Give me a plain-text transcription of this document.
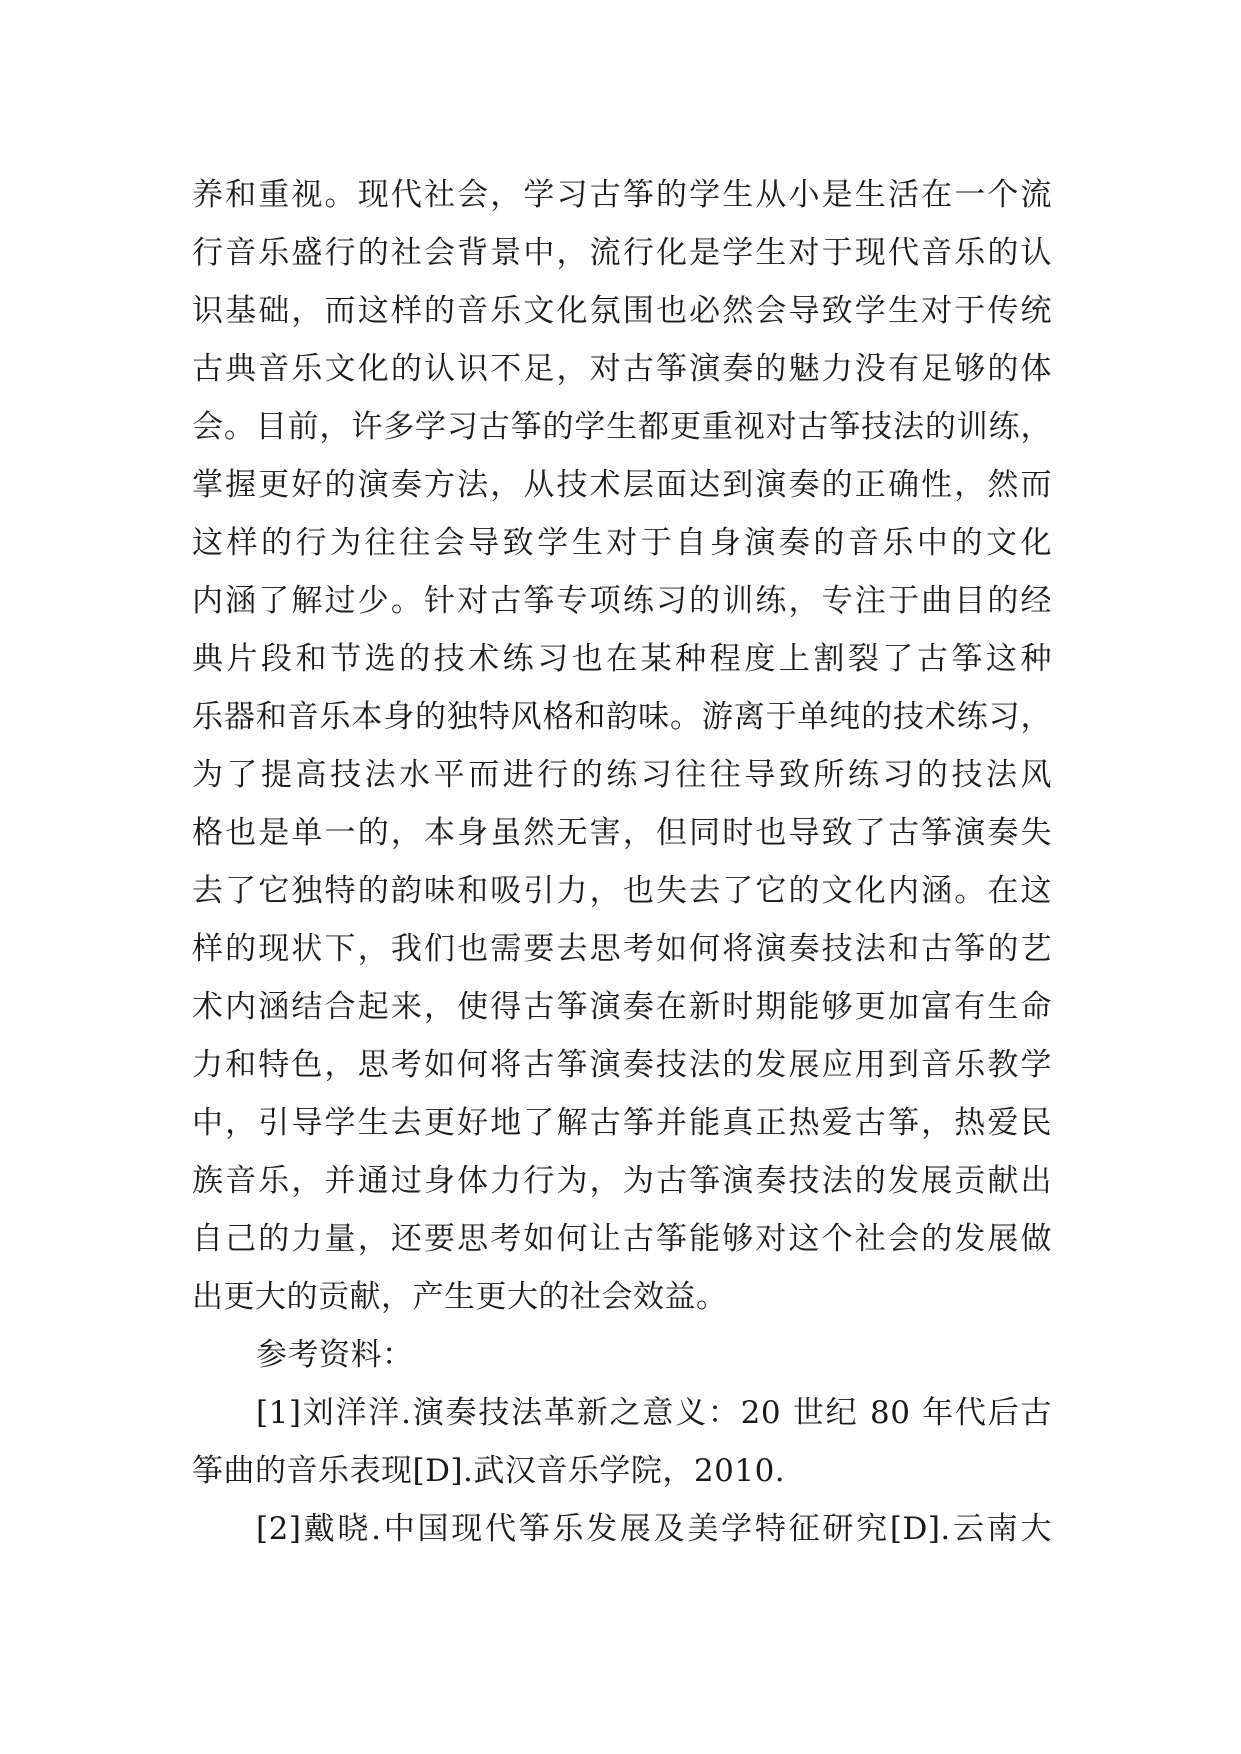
养和重视。现代社会，学习古筝的学生从小是生活在一个流
行音乐盛行的社会背景中，流行化是学生对于现代音乐的认
识基础，而这样的音乐文化氛围也必然会导致学生对于传统
古典音乐文化的认识不足，对古筝演奏的魅力没有足够的体
会。目前，许多学习古筝的学生都更重视对古筝技法的训练，
掌握更好的演奏方法，从技术层面达到演奏的正确性，然而
这样的行为往往会导致学生对于自身演奏的音乐中的文化
内涵了解过少。针对古筝专项练习的训练，专注于曲目的经
典片段和节选的技术练习也在某种程度上割裂了古筝这种
乐器和音乐本身的独特风格和韵味。游离于单纯的技术练习，
为了提高技法水平而进行的练习往往导致所练习的技法风
格也是单一的，本身虽然无害，但同时也导致了古筝演奏失
去了它独特的韵味和吸引力，也失去了它的文化内涵。在这
样的现状下，我们也需要去思考如何将演奏技法和古筝的艺
术内涵结合起来，使得古筝演奏在新时期能够更加富有生命
力和特色，思考如何将古筝演奏技法的发展应用到音乐教学
中，引导学生去更好地了解古筝并能真正热爱古筝，热爱民
族音乐，并通过身体力行为，为古筝演奏技法的发展贡献出
自己的力量，还要思考如何让古筝能够对这个社会的发展做
出更大的贡献，产生更大的社会效益。
参考资料：
[1]刘洋洋.演奏技法革新之意义：20 世纪 80 年代后古
筝曲的音乐表现[D].武汉音乐学院，2010.
[2]戴晓.中国现代筝乐发展及美学特征研究[D].云南大
